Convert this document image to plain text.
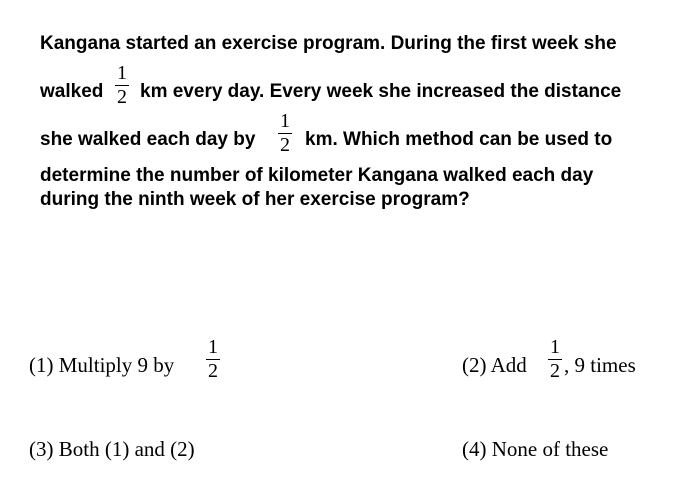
Kangana started an exercise program. During the first week she
walked
1
2 km every day. Every week she increased the distance
she walked each day by
1
2 km. Which method can be used to
determine the number of kilometer Kangana walked each day
during the ninth week of her exercise program?
(1) Multiply 9 by
1
2	(2) Add
1
2 , 9 times
(3) Both (1) and (2)	(4) None of these
